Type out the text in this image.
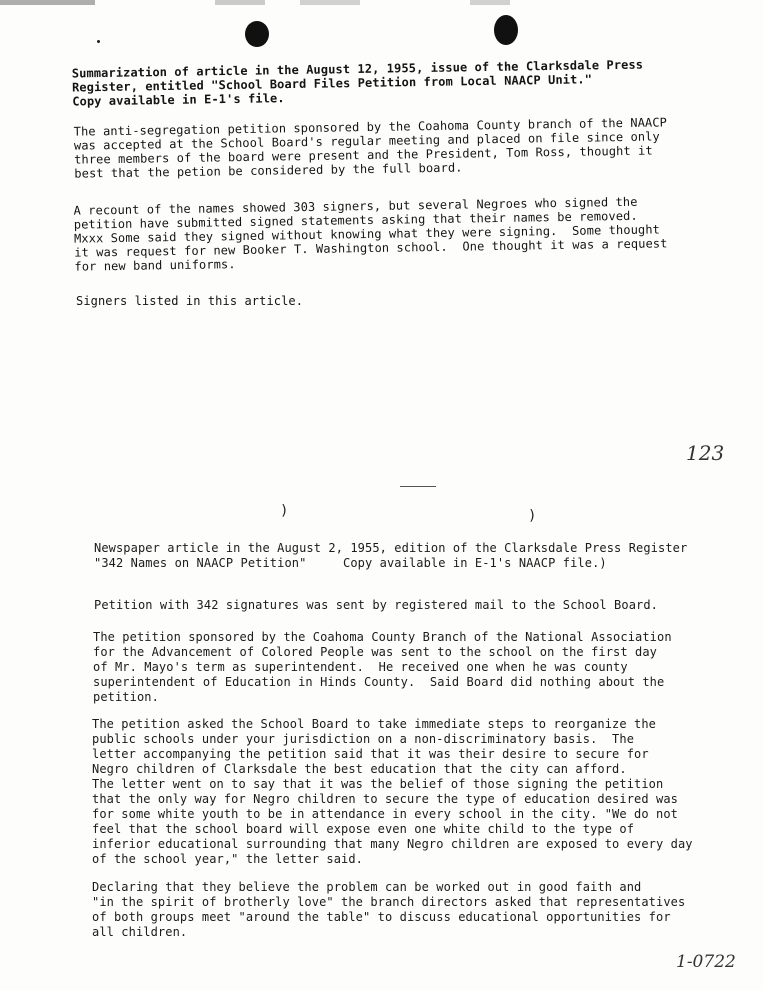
Summarization of article in the August 12, 1955, issue of the Clarksdale Press
Register, entitled "School Board Files Petition from Local NAACP Unit."
Copy available in E-1's file.
The anti-segregation petition sponsored by the Coahoma County branch of the NAACP
was accepted at the School Board's regular meeting and placed on file since only
three members of the board were present and the President, Tom Ross, thought it
best that the petion be considered by the full board.
A recount of the names showed 303 signers, but several Negroes who signed the
petition have submitted signed statements asking that their names be removed.
Mxxx Some said they signed without knowing what they were signing.  Some thought
it was request for new Booker T. Washington school.  One thought it was a request
for new band uniforms.
Signers listed in this article.
123
)	)
Newspaper article in the August 2, 1955, edition of the Clarksdale Press Register
"342 Names on NAACP Petition"     Copy available in E-1's NAACP file.)
Petition with 342 signatures was sent by registered mail to the School Board.
The petition sponsored by the Coahoma County Branch of the National Association
for the Advancement of Colored People was sent to the school on the first day
of Mr. Mayo's term as superintendent.  He received one when he was county
superintendent of Education in Hinds County.  Said Board did nothing about the
petition.
The petition asked the School Board to take immediate steps to reorganize the
public schools under your jurisdiction on a non-discriminatory basis.  The
letter accompanying the petition said that it was their desire to secure for
Negro children of Clarksdale the best education that the city can afford.
The letter went on to say that it was the belief of those signing the petition
that the only way for Negro children to secure the type of education desired was
for some white youth to be in attendance in every school in the city. "We do not
feel that the school board will expose even one white child to the type of
inferior educational surrounding that many Negro children are exposed to every day
of the school year," the letter said.
Declaring that they believe the problem can be worked out in good faith and
"in the spirit of brotherly love" the branch directors asked that representatives
of both groups meet "around the table" to discuss educational opportunities for
all children.
1-0722
